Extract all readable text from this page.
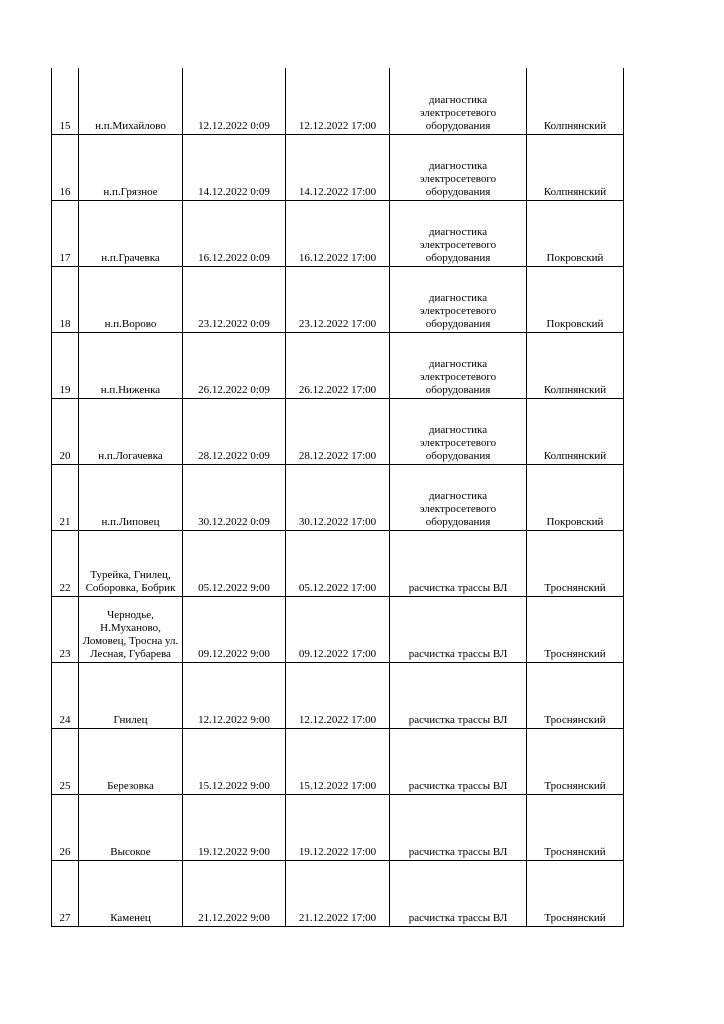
15	н.п.Михайлово	12.12.2022 0:09	12.12.2022 17:00	диагностика электросетевого оборудования	Колпнянский
16	н.п.Грязное	14.12.2022 0:09	14.12.2022 17:00	диагностика электросетевого оборудования	Колпнянский
17	н.п.Грачевка	16.12.2022 0:09	16.12.2022 17:00	диагностика электросетевого оборудования	Покровский
18	н.п.Ворово	23.12.2022 0:09	23.12.2022 17:00	диагностика электросетевого оборудования	Покровский
19	н.п.Ниженка	26.12.2022 0:09	26.12.2022 17:00	диагностика электросетевого оборудования	Колпнянский
20	н.п.Логачевка	28.12.2022 0:09	28.12.2022 17:00	диагностика электросетевого оборудования	Колпнянский
21	н.п.Липовец	30.12.2022 0:09	30.12.2022 17:00	диагностика электросетевого оборудования	Покровский
22	Турейка, Гнилец, Соборовка, Бобрик	05.12.2022 9:00	05.12.2022 17:00	расчистка трассы ВЛ	Троснянский
23	Чернодье, Н.Муханово, Ломовец, Тросна ул. Лесная, Губарева	09.12.2022 9:00	09.12.2022 17:00	расчистка трассы ВЛ	Троснянский
24	Гнилец	12.12.2022 9:00	12.12.2022 17:00	расчистка трассы ВЛ	Троснянский
25	Березовка	15.12.2022 9:00	15.12.2022 17:00	расчистка трассы ВЛ	Троснянский
26	Высокое	19.12.2022 9:00	19.12.2022 17:00	расчистка трассы ВЛ	Троснянский
27	Каменец	21.12.2022 9:00	21.12.2022 17:00	расчистка трассы ВЛ	Троснянский
